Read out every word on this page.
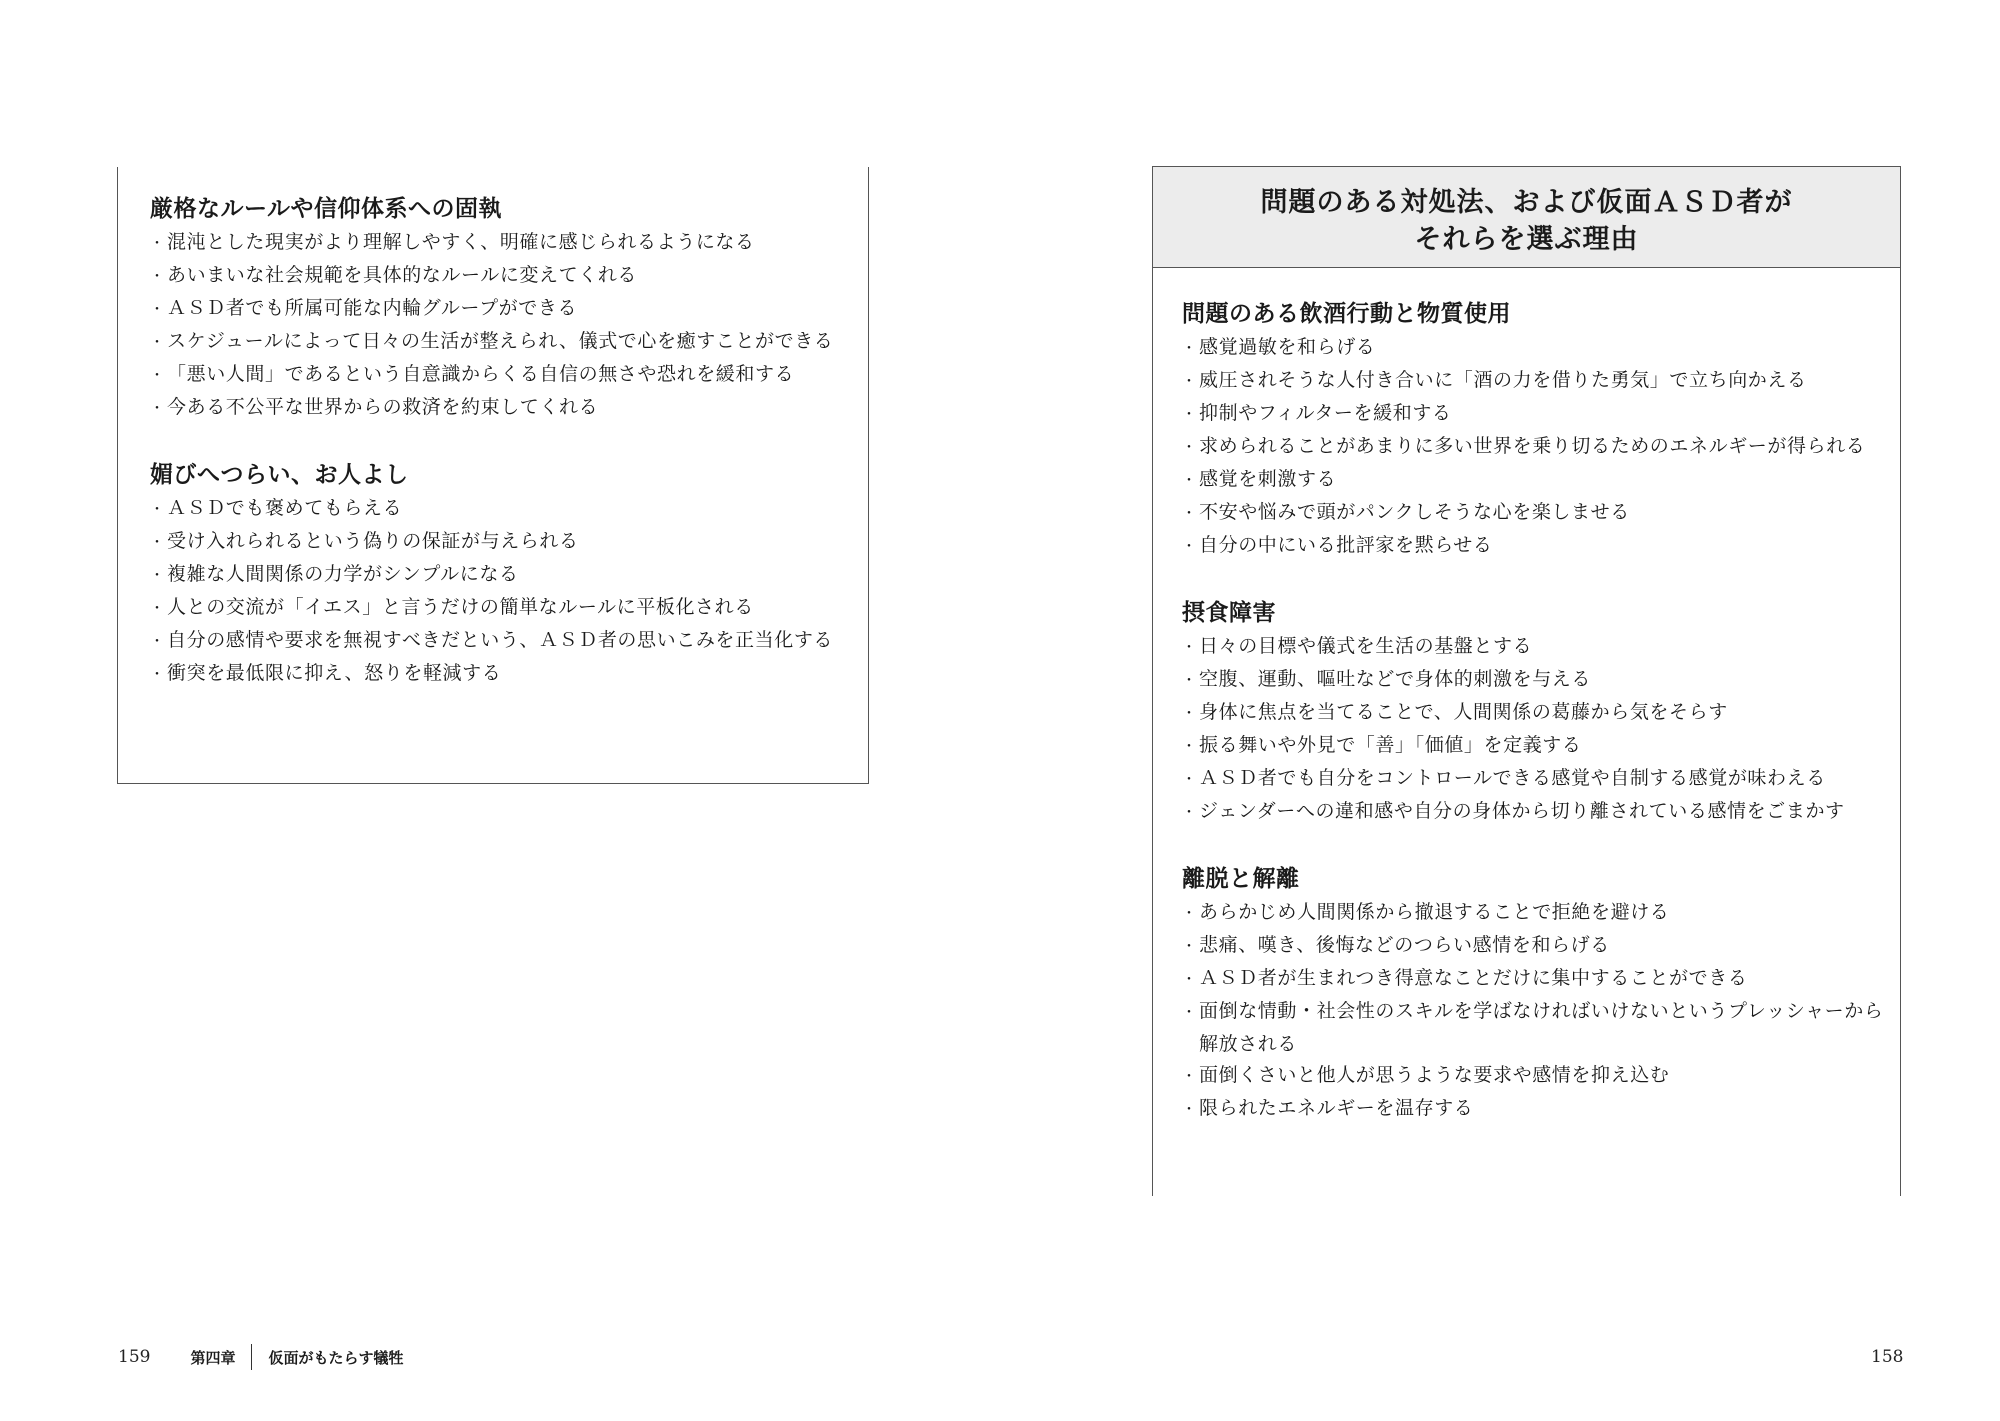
厳格なルールや信仰体系への固執
・ 混沌とした現実がより理解しやすく、明確に感じられるようになる
・ あいまいな社会規範を具体的なルールに変えてくれる
・ ＡＳＤ者でも所属可能な内輪グループができる
・ スケジュールによって日々の生活が整えられ、儀式で心を癒すことができる
・ 「悪い人間」であるという自意識からくる自信の無さや恐れを緩和する
・ 今ある不公平な世界からの救済を約束してくれる
媚びへつらい、お人よし
・ ＡＳＤでも褒めてもらえる
・ 受け入れられるという偽りの保証が与えられる
・ 複雑な人間関係の力学がシンプルになる
・ 人との交流が「イエス」と言うだけの簡単なルールに平板化される
・ 自分の感情や要求を無視すべきだという、ＡＳＤ者の思いこみを正当化する
・ 衝突を最低限に抑え、怒りを軽減する
159	第四章 仮面がもたらす犠牲
問題のある対処法、および仮面ＡＳＤ者が
それらを選ぶ理由
問題のある飲酒行動と物質使用
・ 感覚過敏を和らげる
・ 威圧されそうな人付き合いに「酒の力を借りた勇気」で立ち向かえる
・ 抑制やフィルターを緩和する
・ 求められることがあまりに多い世界を乗り切るためのエネルギーが得られる
・ 感覚を刺激する
・ 不安や悩みで頭がパンクしそうな心を楽しませる
・ 自分の中にいる批評家を黙らせる
摂食障害
・ 日々の目標や儀式を生活の基盤とする
・ 空腹、運動、嘔吐などで身体的刺激を与える
・ 身体に焦点を当てることで、人間関係の葛藤から気をそらす
・ 振る舞いや外見で「善」「価値」を定義する
・ ＡＳＤ者でも自分をコントロールできる感覚や自制する感覚が味わえる
・ ジェンダーへの違和感や自分の身体から切り離されている感情をごまかす
離脱と解離
・ あらかじめ人間関係から撤退することで拒絶を避ける
・ 悲痛、嘆き、後悔などのつらい感情を和らげる
・ ＡＳＤ者が生まれつき得意なことだけに集中することができる
・ 面倒な情動・社会性のスキルを学ばなければいけないというプレッシャーから解放される
・ 面倒くさいと他人が思うような要求や感情を抑え込む
・ 限られたエネルギーを温存する
158
